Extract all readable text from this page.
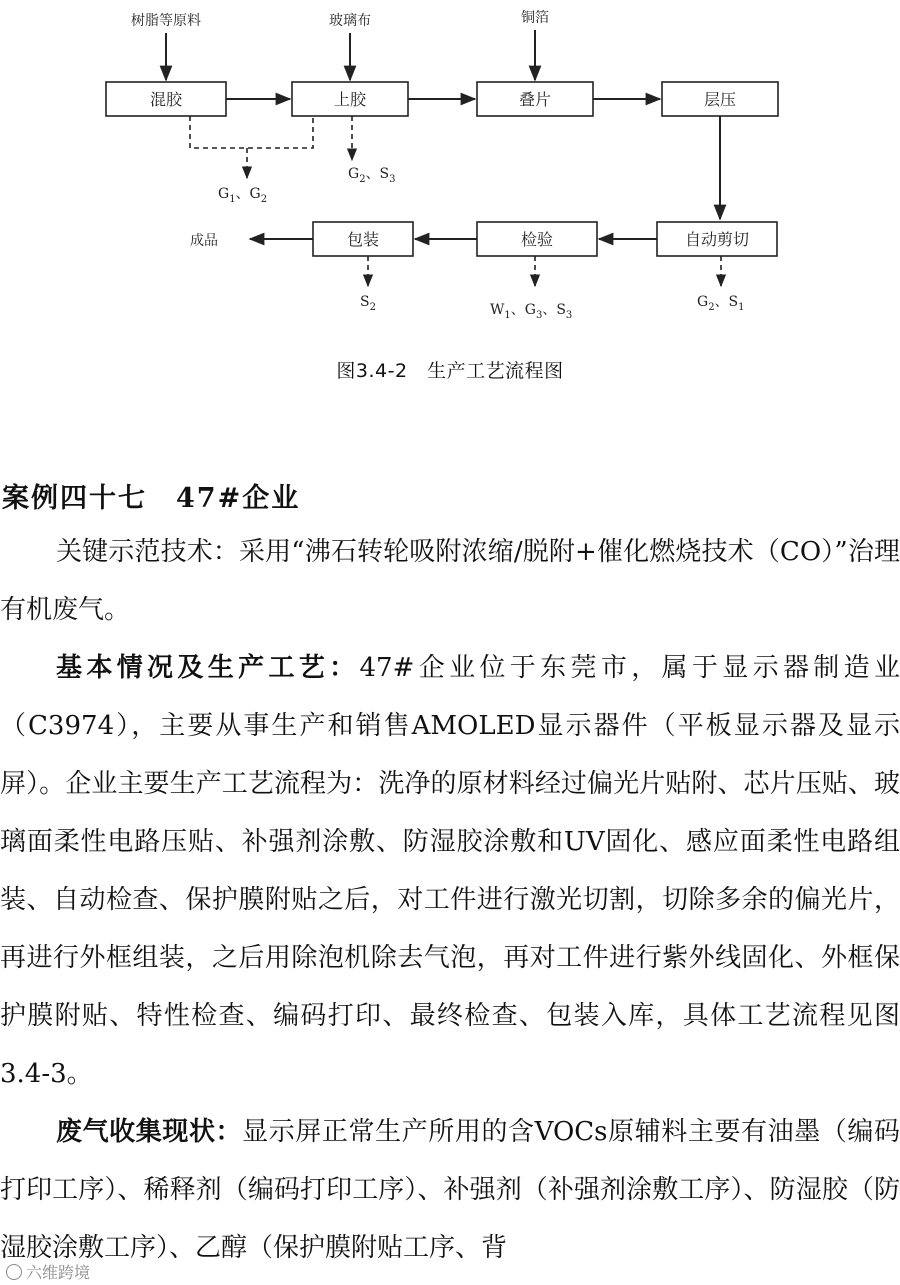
树脂等原料	玻璃布	铜箔
混胶	上胶	叠片	层压
$G_1$、$G_2$
$G_2$、$S_3$
自动剪切
检验
包装
成品
$S_2$	$W_1$、$G_3$、$S_3$
$G_2$、$S_1$
图3.4-2　生产工艺流程图
案例四十七　47#企业
关键示范技术：采用“沸石转轮吸附浓缩/脱附+催化燃烧技术（CO）”治理有机废气。
基本情况及生产工艺：47#企业位于东莞市，属于显示器制造业（C3974），主要从事生产和销售AMOLED显示器件（平板显示器及显示屏）。企业主要生产工艺流程为：洗净的原材料经过偏光片贴附、芯片压贴、玻璃面柔性电路压贴、补强剂涂敷、防湿胶涂敷和UV固化、感应面柔性电路组装、自动检查、保护膜附贴之后，对工件进行激光切割，切除多余的偏光片，再进行外框组装，之后用除泡机除去气泡，再对工件进行紫外线固化、外框保护膜附贴、特性检查、编码打印、最终检查、包装入库，具体工艺流程见图3.4-3。
废气收集现状：显示屏正常生产所用的含VOCs原辅料主要有油墨（编码打印工序）、稀释剂（编码打印工序）、补强剂（补强剂涂敷工序）、防湿胶（防湿胶涂敷工序）、乙醇（保护膜附贴工序、背
六维跨境
